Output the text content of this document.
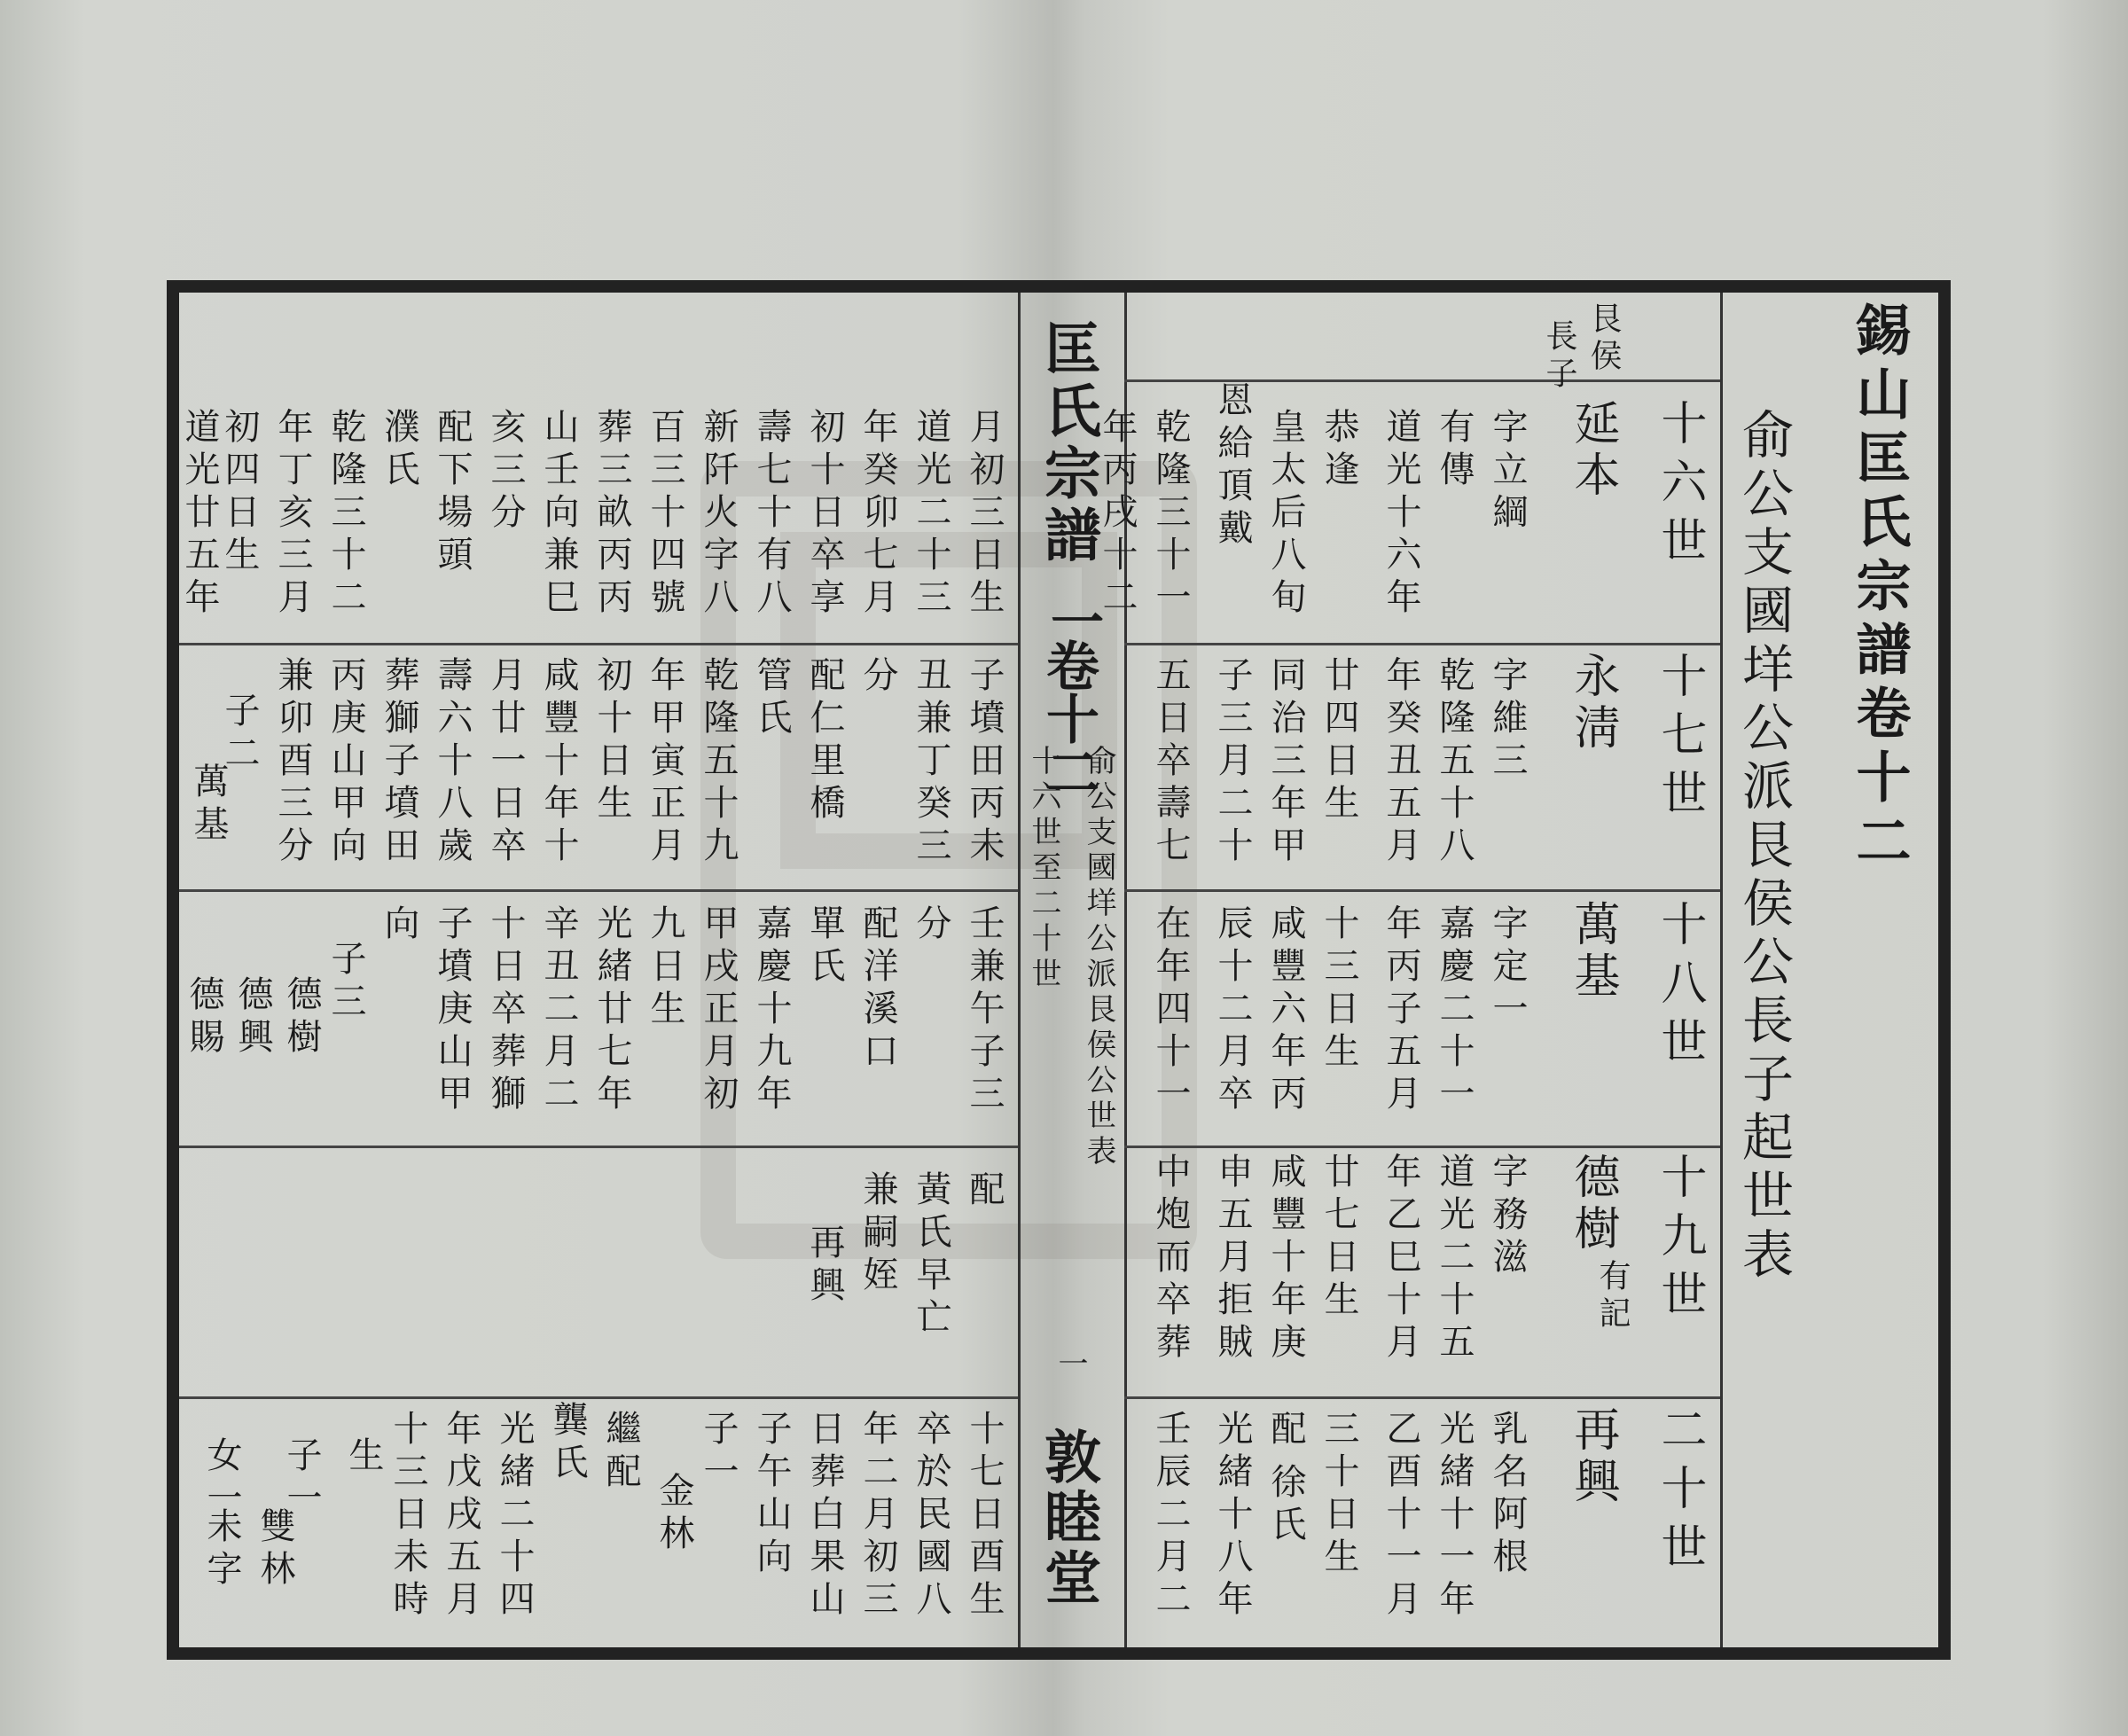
錫山匡氏宗譜卷十二
俞公支國垟公派艮侯公長子起世表
十六世
十七世
十八世
十九世
二十世
艮侯
長子
延本
永淸
萬基
德樹
有記
再興
字立綱
有傳
道光十六年
恭逢
皇太后八旬
恩給頂戴
乾隆三十一
年丙戌十二
字維三
乾隆五十八
年癸丑五月
廿四日生
同治三年甲
子三月二十
五日卒壽七
字定一
嘉慶二十一
年丙子五月
十三日生
咸豐六年丙
辰十二月卒
在年四十一
字務滋
道光二十五
年乙巳十月
廿七日生
咸豐十年庚
申五月拒賊
中炮而卒葬
乳名阿根
光緒十一年
乙酉十一月
三十日生
配
徐氏
光緒十八年
壬辰二月二
匡氏宗譜
一
卷十二
十六世至二十世 俞公支國垟公派艮侯公世表
一
敦睦堂
月初三日生
道光二十三
年癸卯七月
初十日卒享
壽七十有八
新阡火字八
百三十四號
葬三畝丙丙
山壬向兼巳
亥三分
配下場頭
濮氏
乾隆三十二
年丁亥三月
初四日生
道光廿五年
子墳田丙未
丑兼丁癸三
分
配仁里橋
管氏
乾隆五十九
年甲寅正月
初十日生
咸豐十年十
月廿一日卒
壽六十八歲
葬獅子墳田
丙庚山甲向
兼卯酉三分
子二
萬基
壬兼午子三
分
配洋溪口
單氏
嘉慶十九年
甲戌正月初
九日生
光緒廿七年
辛丑二月二
十日卒葬獅
子墳庚山甲
向
子三
德樹
德興
德賜
配
黃氏早亡
兼嗣姪
再興
十七日酉生
卒於民國八
年二月初三
日葬白果山
子午山向
子一
金林
繼配
龔氏
光緒二十四
年戊戌五月
十三日未時
生
子一
雙林
女一
未字
